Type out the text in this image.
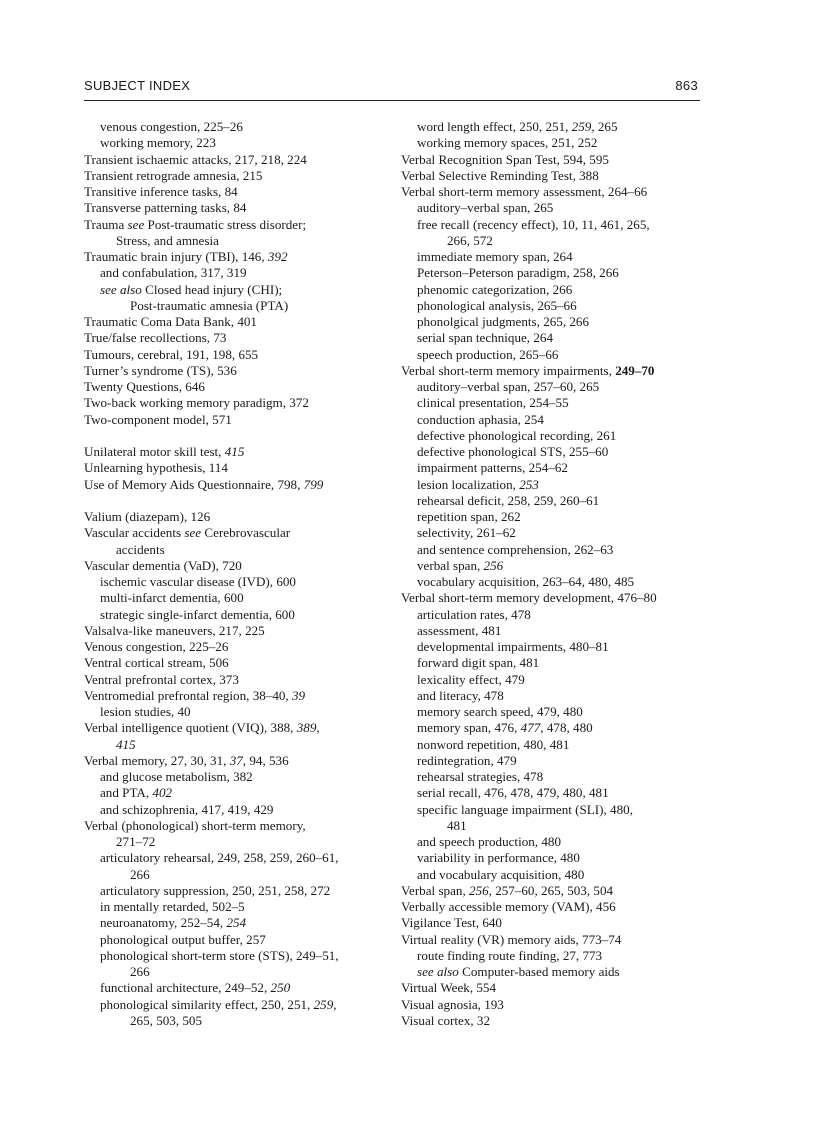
SUBJECT INDEX	863
venous congestion, 225–26
working memory, 223
Transient ischaemic attacks, 217, 218, 224
Transient retrograde amnesia, 215
Transitive inference tasks, 84
Transverse patterning tasks, 84
Trauma see Post-traumatic stress disorder;
Stress, and amnesia
Traumatic brain injury (TBI), 146, 392
and confabulation, 317, 319
see also Closed head injury (CHI);
Post-traumatic amnesia (PTA)
Traumatic Coma Data Bank, 401
True/false recollections, 73
Tumours, cerebral, 191, 198, 655
Turner’s syndrome (TS), 536
Twenty Questions, 646
Two-back working memory paradigm, 372
Two-component model, 571
Unilateral motor skill test, 415
Unlearning hypothesis, 114
Use of Memory Aids Questionnaire, 798, 799
Valium (diazepam), 126
Vascular accidents see Cerebrovascular
accidents
Vascular dementia (VaD), 720
ischemic vascular disease (IVD), 600
multi-infarct dementia, 600
strategic single-infarct dementia, 600
Valsalva-like maneuvers, 217, 225
Venous congestion, 225–26
Ventral cortical stream, 506
Ventral prefrontal cortex, 373
Ventromedial prefrontal region, 38–40, 39
lesion studies, 40
Verbal intelligence quotient (VIQ), 388, 389,
415
Verbal memory, 27, 30, 31, 37, 94, 536
and glucose metabolism, 382
and PTA, 402
and schizophrenia, 417, 419, 429
Verbal (phonological) short-term memory,
271–72
articulatory rehearsal, 249, 258, 259, 260–61,
266
articulatory suppression, 250, 251, 258, 272
in mentally retarded, 502–5
neuroanatomy, 252–54, 254
phonological output buffer, 257
phonological short-term store (STS), 249–51,
266
functional architecture, 249–52, 250
phonological similarity effect, 250, 251, 259,
265, 503, 505
word length effect, 250, 251, 259, 265
working memory spaces, 251, 252
Verbal Recognition Span Test, 594, 595
Verbal Selective Reminding Test, 388
Verbal short-term memory assessment, 264–66
auditory–verbal span, 265
free recall (recency effect), 10, 11, 461, 265,
266, 572
immediate memory span, 264
Peterson–Peterson paradigm, 258, 266
phenomic categorization, 266
phonological analysis, 265–66
phonolgical judgments, 265, 266
serial span technique, 264
speech production, 265–66
Verbal short-term memory impairments, 249–70
auditory–verbal span, 257–60, 265
clinical presentation, 254–55
conduction aphasia, 254
defective phonological recording, 261
defective phonological STS, 255–60
impairment patterns, 254–62
lesion localization, 253
rehearsal deficit, 258, 259, 260–61
repetition span, 262
selectivity, 261–62
and sentence comprehension, 262–63
verbal span, 256
vocabulary acquisition, 263–64, 480, 485
Verbal short-term memory development, 476–80
articulation rates, 478
assessment, 481
developmental impairments, 480–81
forward digit span, 481
lexicality effect, 479
and literacy, 478
memory search speed, 479, 480
memory span, 476, 477, 478, 480
nonword repetition, 480, 481
redintegration, 479
rehearsal strategies, 478
serial recall, 476, 478, 479, 480, 481
specific language impairment (SLI), 480,
481
and speech production, 480
variability in performance, 480
and vocabulary acquisition, 480
Verbal span, 256, 257–60, 265, 503, 504
Verbally accessible memory (VAM), 456
Vigilance Test, 640
Virtual reality (VR) memory aids, 773–74
route finding route finding, 27, 773
see also Computer-based memory aids
Virtual Week, 554
Visual agnosia, 193
Visual cortex, 32
